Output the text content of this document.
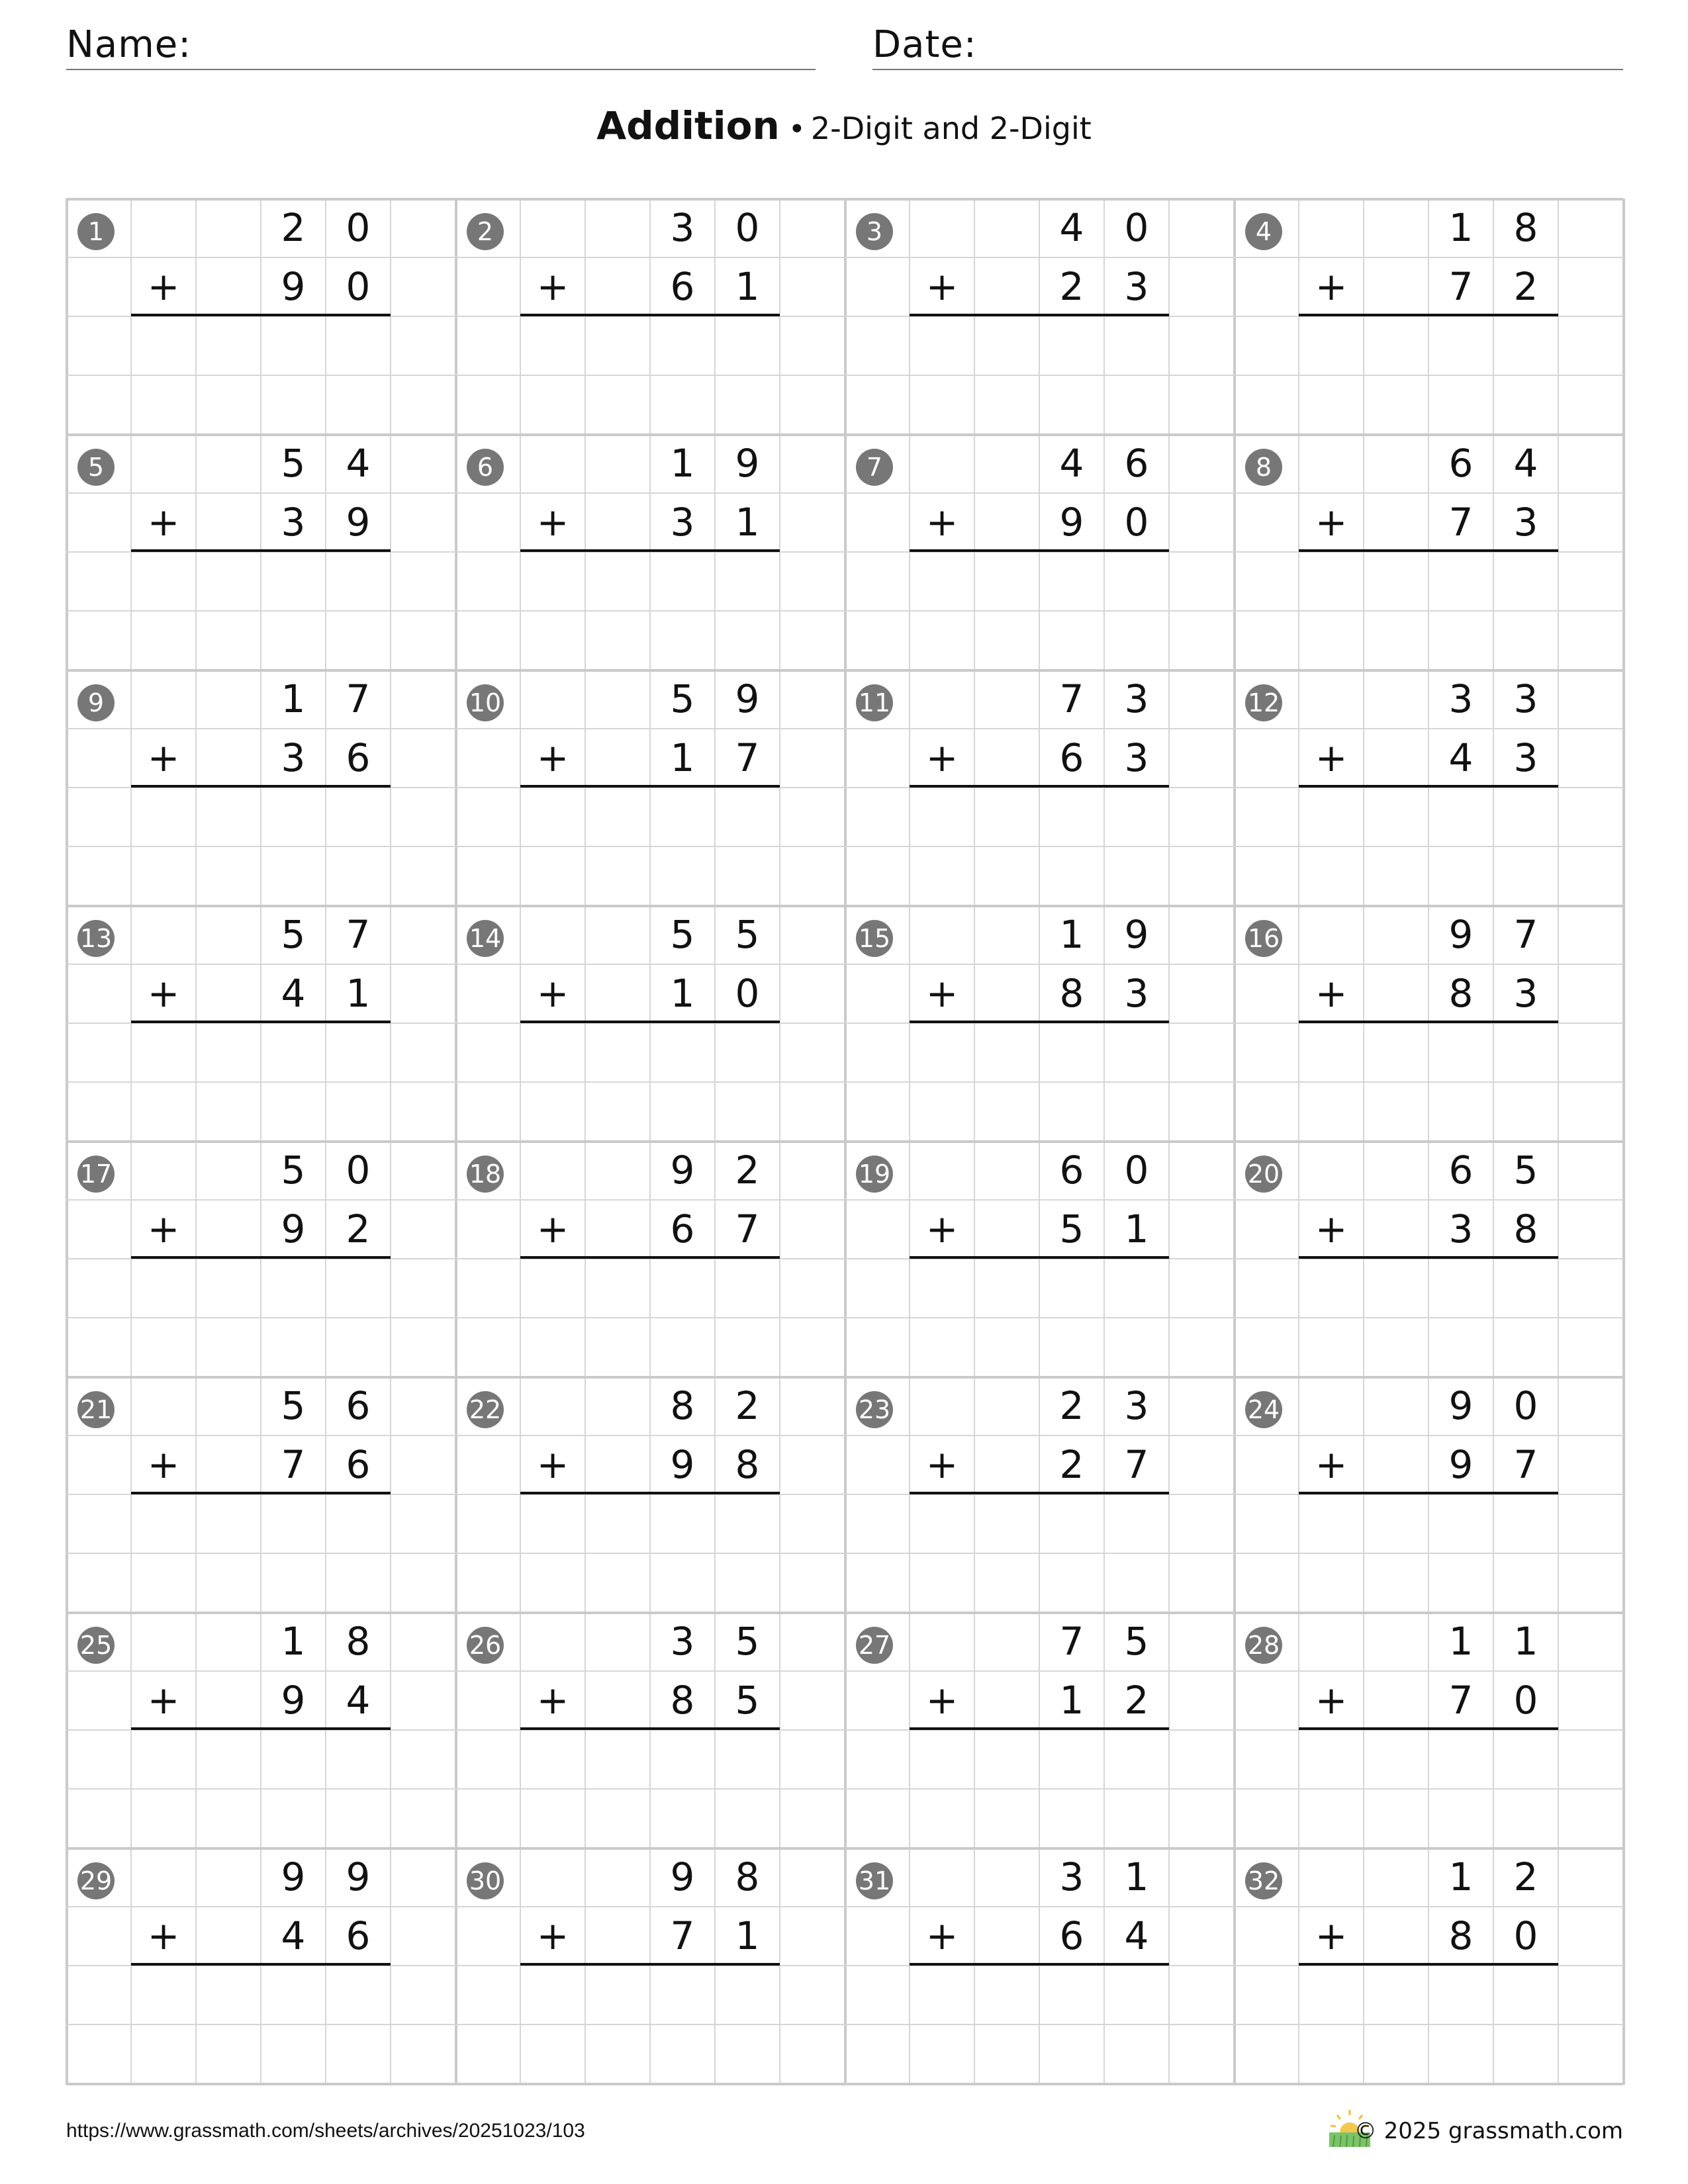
Name:	Date:
Addition • 2-Digit and 2-Digit
1	2	0
+	9	0
2	3	0
+	6	1
3	4	0
+	2	3
4	1	8
+	7	2
5	5	4
+	3	9
6	1	9
+	3	1
7	4	6
+	9	0
8	6	4
+	7	3
9	1	7
+	3	6
10	5	9
+	1	7
11	7	3
+	6	3
12	3	3
+	4	3
13	5	7
+	4	1
14	5	5
+	1	0
15	1	9
+	8	3
16	9	7
+	8	3
17	5	0
+	9	2
18	9	2
+	6	7
19	6	0
+	5	1
20	6	5
+	3	8
21	5	6
+	7	6
22	8	2
+	9	8
23	2	3
+	2	7
24	9	0
+	9	7
25	1	8
+	9	4
26	3	5
+	8	5
27	7	5
+	1	2
28	1	1
+	7	0
29	9	9
+	4	6
30	9	8
+	7	1
31	3	1
+	6	4
32	1	2
+	8	0
https://www.grassmath.com/sheets/archives/20251023/103	© 2025 grassmath.com
